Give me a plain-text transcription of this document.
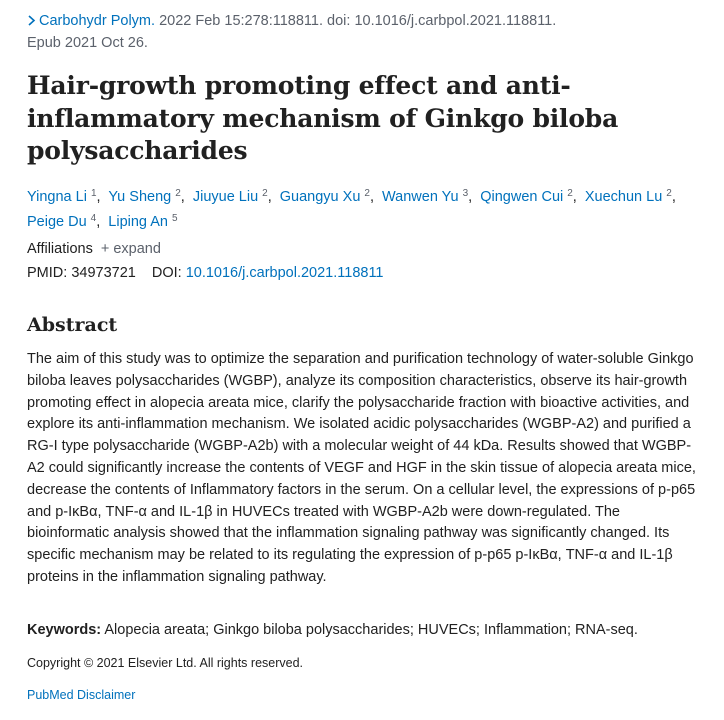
Carbohydr Polym. 2022 Feb 15:278:118811. doi: 10.1016/j.carbpol.2021.118811.
Epub 2021 Oct 26.
Hair-growth promoting effect and anti-inflammatory mechanism of Ginkgo biloba polysaccharides
Yingna Li $^1$, Yu Sheng $^2$, Jiuyue Liu $^2$, Guangyu Xu $^2$, Wanwen Yu $^3$, Qingwen Cui $^2$, Xuechun Lu $^2$, Peige Du $^4$, Liping An $^5$
Affiliations + expand
PMID: 34973721 DOI: 10.1016/j.carbpol.2021.118811
Abstract

The aim of this study was to optimize the separation and purification technology of water-soluble Ginkgo biloba leaves polysaccharides (WGBP), analyze its composition characteristics, observe its hair-growth promoting effect in alopecia areata mice, clarify the polysaccharide fraction with bioactive activities, and explore its anti-inflammation mechanism. We isolated acidic polysaccharides (WGBP-A2) and purified a RG-I type polysaccharide (WGBP-A2b) with a molecular weight of 44 kDa. Results showed that WGBP-A2 could significantly increase the contents of VEGF and HGF in the skin tissue of alopecia areata mice, decrease the contents of Inflammatory factors in the serum. On a cellular level, the expressions of p-p65 and p-IκBα, TNF-α and IL-1β in HUVECs treated with WGBP-A2b were down-regulated. The bioinformatic analysis showed that the inflammation signaling pathway was significantly changed. Its specific mechanism may be related to its regulating the expression of p-p65 p-IκBα, TNF-α and IL-1β proteins in the inflammation signaling pathway.

Keywords: Alopecia areata; Ginkgo biloba polysaccharides; HUVECs; Inflammation; RNA-seq.
Copyright © 2021 Elsevier Ltd. All rights reserved.
PubMed Disclaimer
